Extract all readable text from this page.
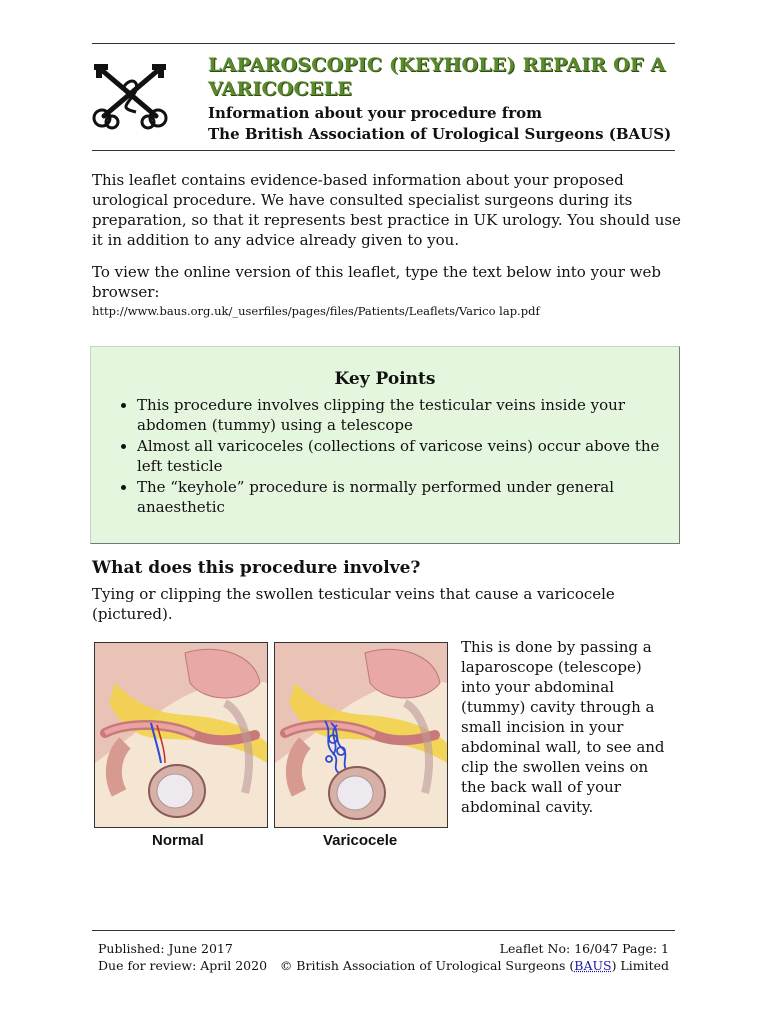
LAPAROSCOPIC (KEYHOLE) REPAIR OF A VARICOCELE
Information about your procedure from
The British Association of Urological Surgeons (BAUS)
This leaflet contains evidence-based information about your proposed urological procedure. We have consulted specialist surgeons during its preparation, so that it represents best practice in UK urology. You should use it in addition to any advice already given to you.
To view the online version of this leaflet, type the text below into your web browser:
http://www.baus.org.uk/_userfiles/pages/files/Patients/Leaflets/Varico lap.pdf
Key Points
• This procedure involves clipping the testicular veins inside your abdomen (tummy) using a telescope
• Almost all varicoceles (collections of varicose veins) occur above the left testicle
• The “keyhole” procedure is normally performed under general anaesthetic
What does this procedure involve?
Tying or clipping the swollen testicular veins that cause a varicocele (pictured).
Normal	Varicocele
This is done by passing a laparoscope (telescope) into your abdominal (tummy) cavity through a small incision in your abdominal wall, to see and clip the swollen veins on the back wall of your abdominal cavity.
Published: June 2017
Due for review: April 2020
Leaflet No: 16/047 Page: 1
© British Association of Urological Surgeons (BAUS) Limited
